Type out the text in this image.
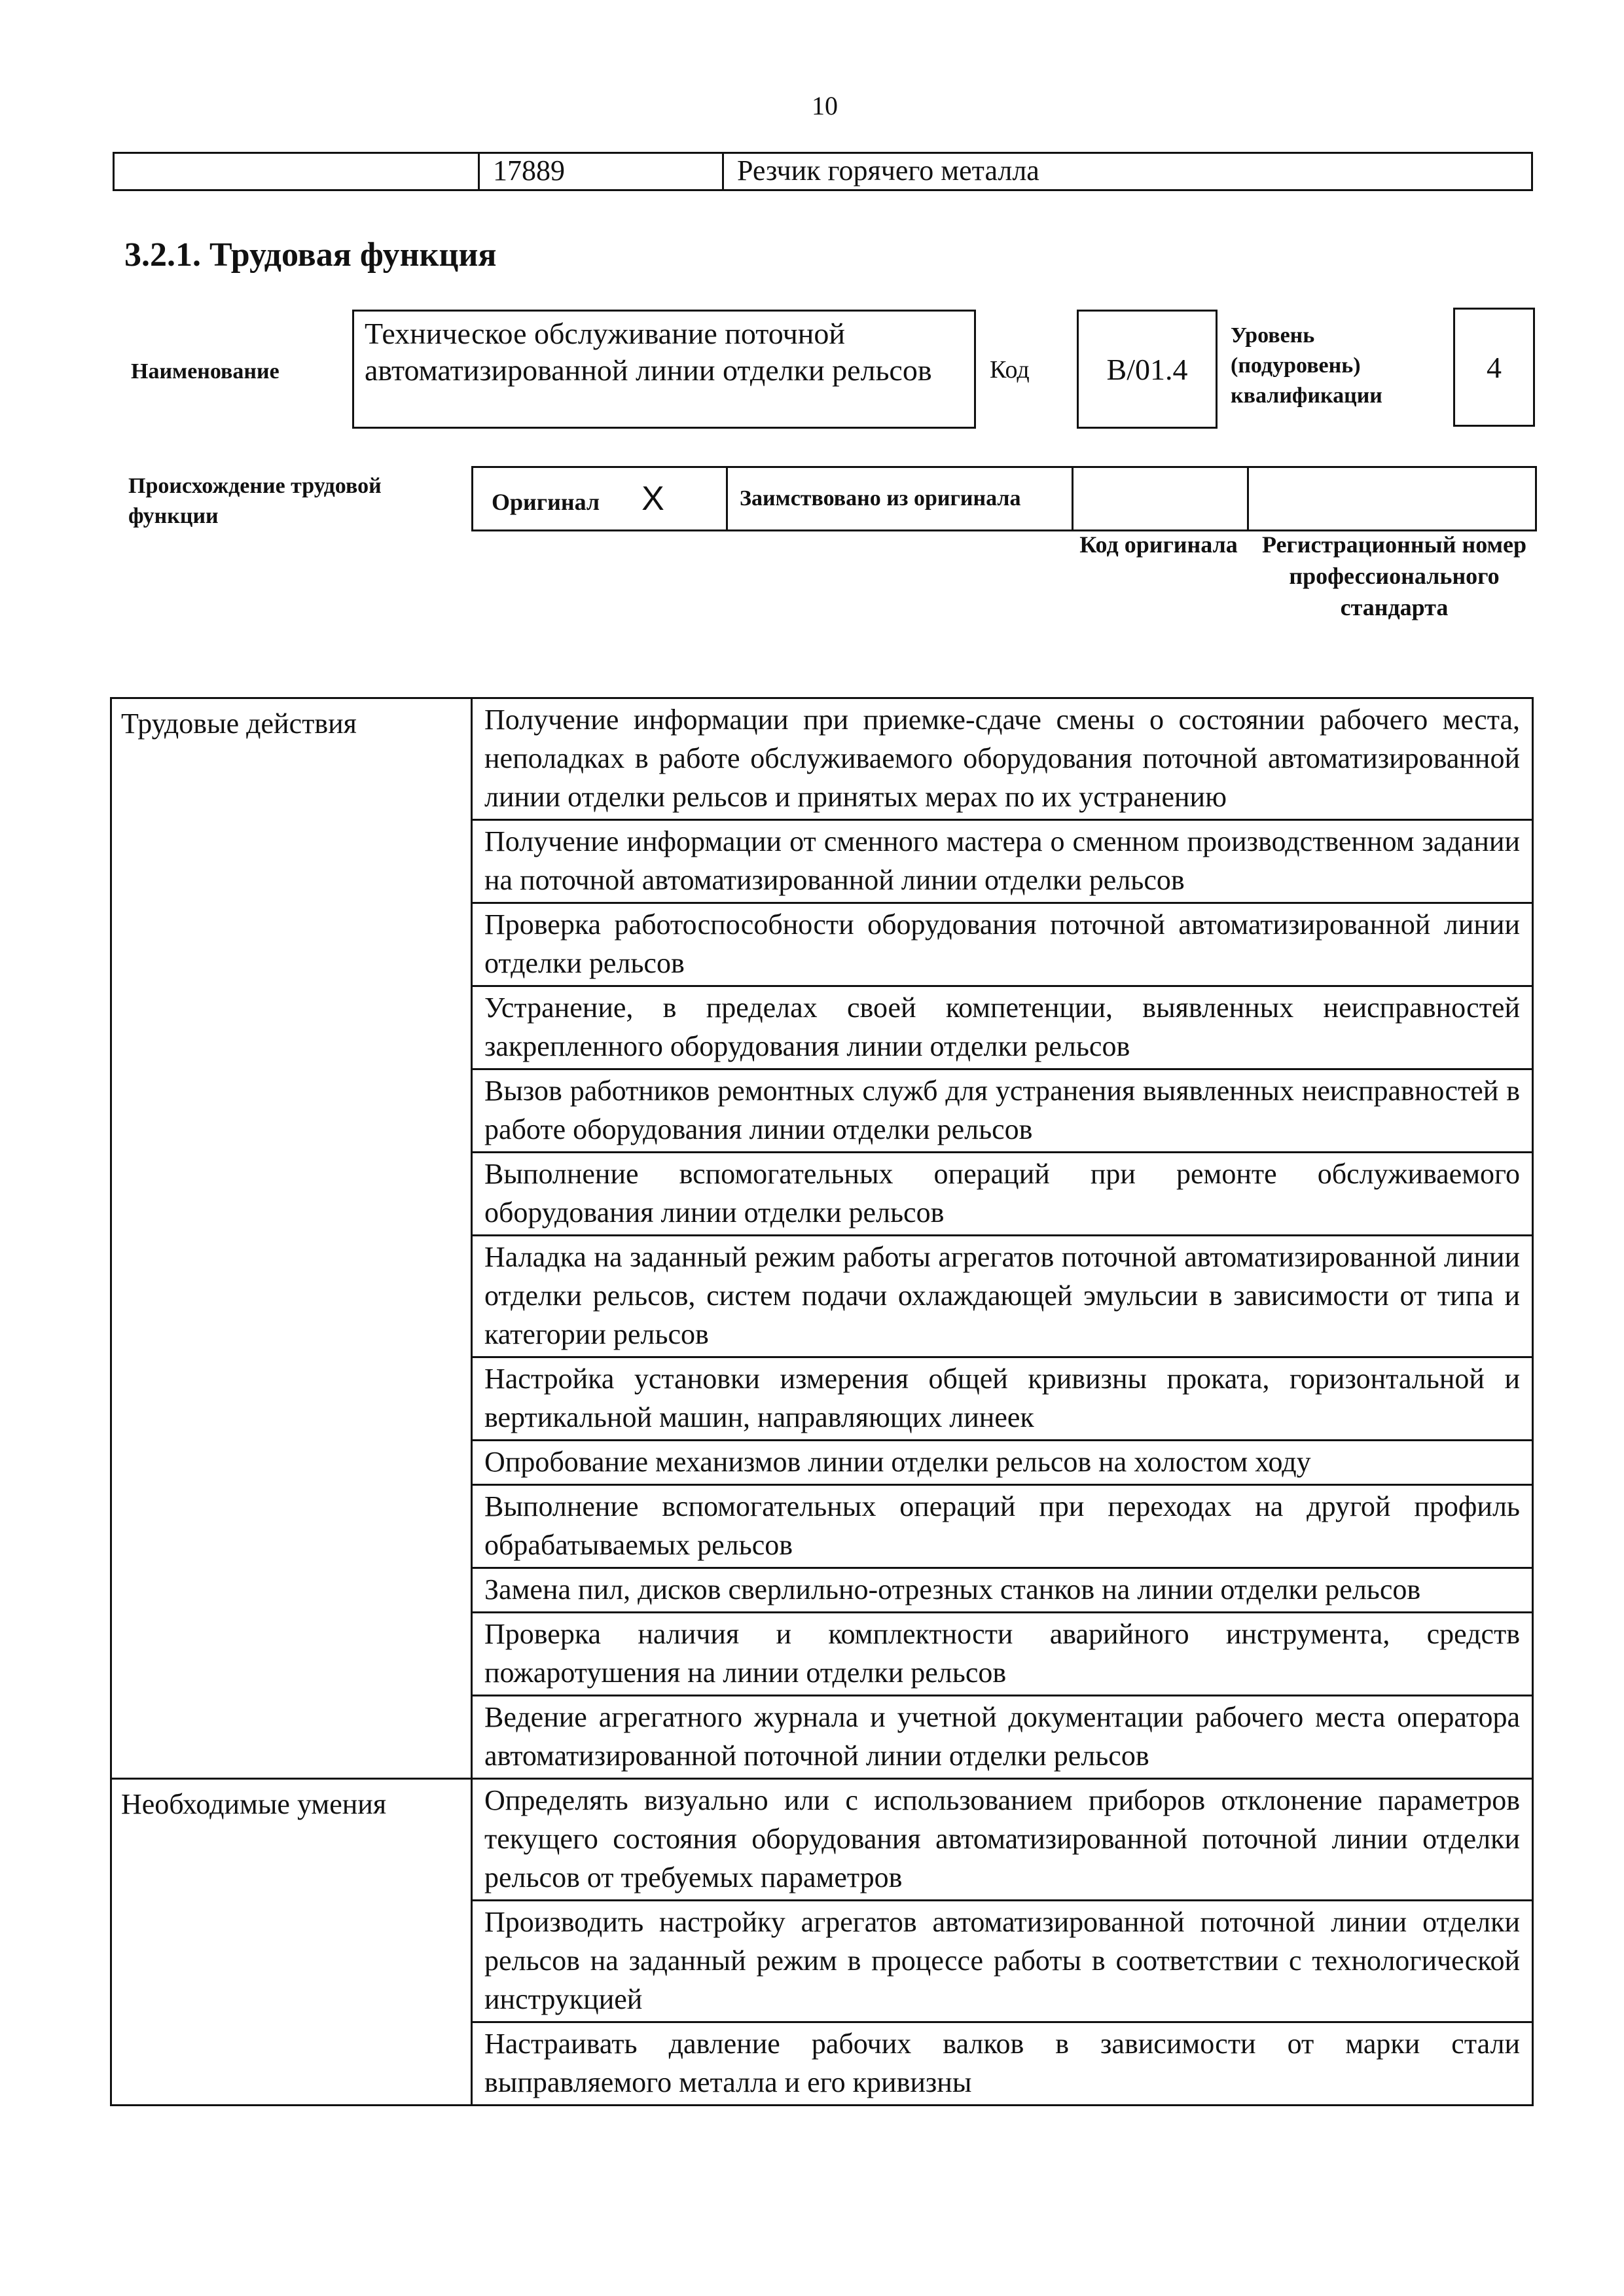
10
	17889	Резчик горячего металла
3.2.1. Трудовая функция
Наименование
Техническое обслуживание поточной автоматизированной линии отделки рельсов	Код	B/01.4
Уровень (подуровень) квалификации
4
Происхождение трудовой функции
Оригинал X	Заимствовано из оригинала

Код оригинала Регистрационный номер профессионального стандарта
Трудовые действия	Получение информации при приемке-сдаче смены о состоянии рабочего места, неполадках в работе обслуживаемого оборудования поточной автоматизированной линии отделки рельсов и принятых мерах по их устранению
	Получение информации от сменного мастера о сменном производственном задании на поточной автоматизированной линии отделки рельсов
	Проверка работоспособности оборудования поточной автоматизированной линии отделки рельсов
	Устранение, в пределах своей компетенции, выявленных неисправностей закрепленного оборудования линии отделки рельсов
	Вызов работников ремонтных служб для устранения выявленных неисправностей в работе оборудования линии отделки рельсов
	Выполнение вспомогательных операций при ремонте обслуживаемого оборудования линии отделки рельсов
	Наладка на заданный режим работы агрегатов поточной автоматизированной линии отделки рельсов, систем подачи охлаждающей эмульсии в зависимости от типа и категории рельсов
	Настройка установки измерения общей кривизны проката, горизонтальной и вертикальной машин, направляющих линеек
	Опробование механизмов линии отделки рельсов на холостом ходу
	Выполнение вспомогательных операций при переходах на другой профиль обрабатываемых рельсов
	Замена пил, дисков сверлильно-отрезных станков на линии отделки рельсов
	Проверка наличия и комплектности аварийного инструмента, средств пожаротушения на линии отделки рельсов
	Ведение агрегатного журнала и учетной документации рабочего места оператора автоматизированной поточной линии отделки рельсов
Необходимые умения	Определять визуально или с использованием приборов отклонение параметров текущего состояния оборудования автоматизированной поточной линии отделки рельсов от требуемых параметров
	Производить настройку агрегатов автоматизированной поточной линии отделки рельсов на заданный режим в процессе работы в соответствии с технологической инструкцией
	Настраивать давление рабочих валков в зависимости от марки стали выправляемого металла и его кривизны
